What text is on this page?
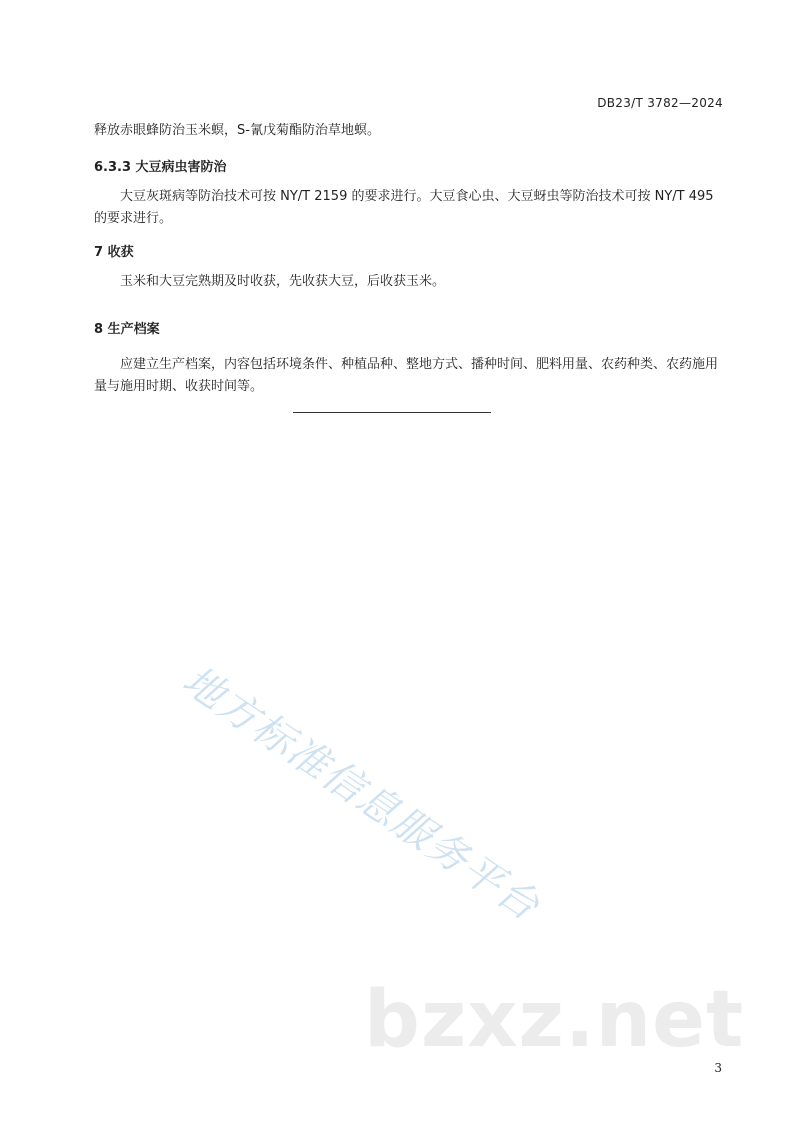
DB23/T 3782—2024
释放赤眼蜂防治玉米螟，S-氰戊菊酯防治草地螟。
6.3.3 大豆病虫害防治
大豆灰斑病等防治技术可按 NY/T 2159 的要求进行。大豆食心虫、大豆蚜虫等防治技术可按 NY/T 495 的要求进行。
7 收获
玉米和大豆完熟期及时收获，先收获大豆，后收获玉米。
8 生产档案
应建立生产档案，内容包括环境条件、种植品种、整地方式、播种时间、肥料用量、农药种类、农药施用量与施用时期、收获时间等。
地方标准信息服务平台
bzxz.net
3
